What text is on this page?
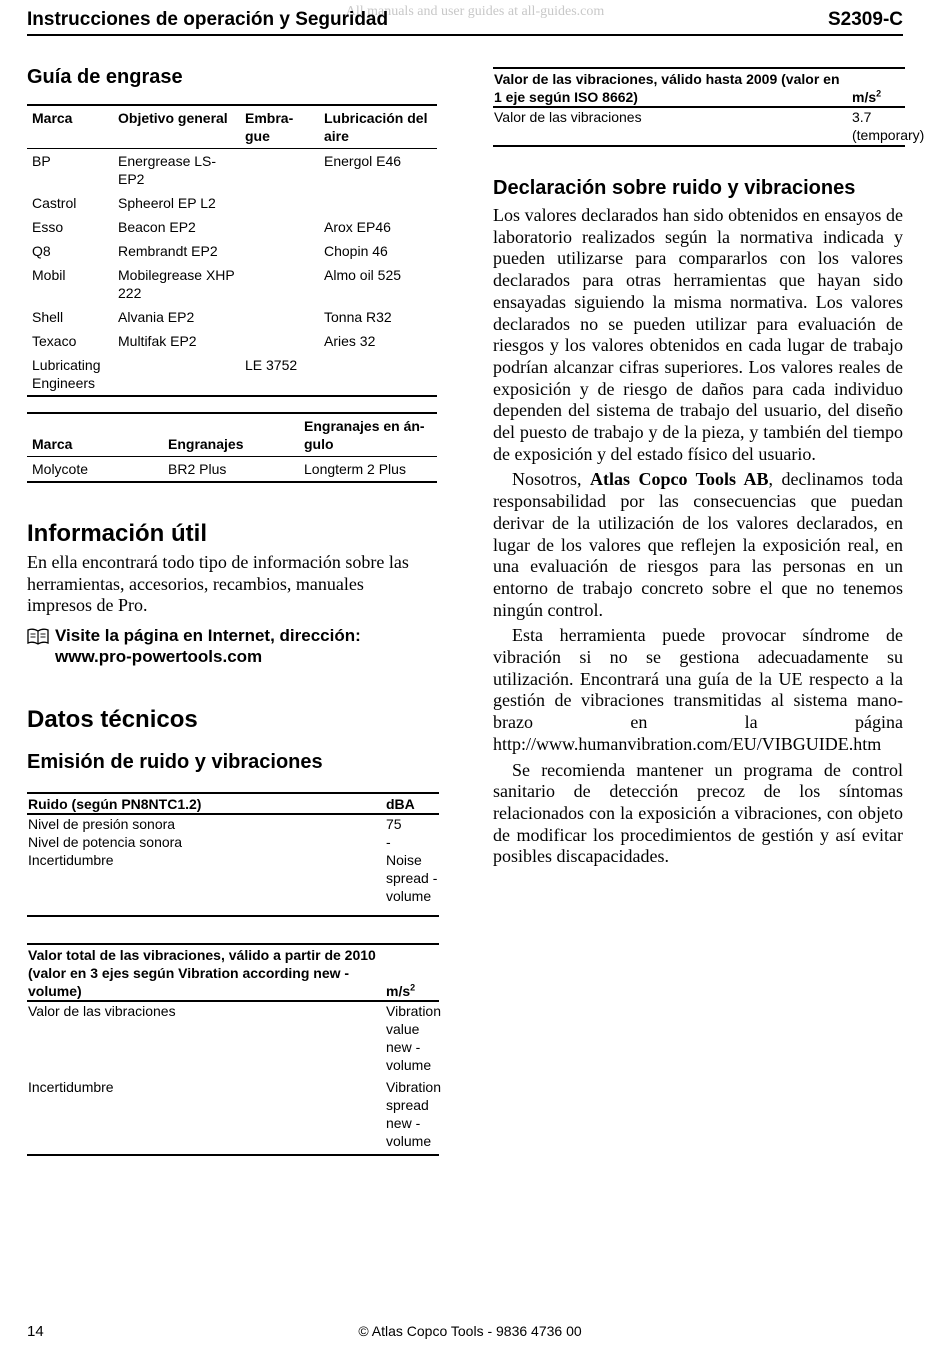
All manuals and user guides at all-guides.com
Instrucciones de operación y Seguridad	S2309-C
Guía de engrase
Marca	Objetivo general	Embra-gue	Lubricación del aire
BP	Energrease LS-EP2		Energol E46
Castrol	Spheerol EP L2		
Esso	Beacon EP2		Arox EP46
Q8	Rembrandt EP2		Chopin 46
Mobil	Mobilegrease XHP 222		Almo oil 525
Shell	Alvania EP2		Tonna R32
Texaco	Multifak EP2		Aries 32
Lubricating Engineers		LE 3752	
Marca	Engranajes	Engranajes en án-gulo
Molycote	BR2 Plus	Longterm 2 Plus
Información útil
En ella encontrará todo tipo de información sobre las herramientas, accesorios, recambios, manuales impresos de Pro.
Visite la página en Internet, dirección:
www.pro-powertools.com
Datos técnicos
Emisión de ruido y vibraciones
Ruido (según PN8NTC1.2)	dBA
Nivel de presión sonora	75
Nivel de potencia sonora	-
Incertidumbre	Noise spread - volume
Valor total de las vibraciones, válido a partir de 2010 (valor en 3 ejes según Vibration according new - volume)	$m/s^2$
Valor de las vibraciones	Vibration value new - volume
Incertidumbre	Vibration spread new - volume
Valor de las vibraciones, válido hasta 2009 (valor en 1 eje según ISO 8662)	$m/s^2$
Valor de las vibraciones	3.7 (temporary)
Declaración sobre ruido y vibraciones

Los valores declarados han sido obtenidos en ensayos de laboratorio realizados según la normativa indicada y pueden utilizarse para compararlos con los valores declarados para otras herramientas que hayan sido ensayadas siguiendo la misma normativa. Los valores declarados no se pueden utilizar para evaluación de riesgos y los valores obtenidos en cada lugar de trabajo podrían alcanzar cifras superiores. Los valores reales de exposición y de riesgo de daños para cada individuo dependen del sistema de trabajo del usuario, del diseño del puesto de trabajo y de la pieza, y también del tiempo de exposición y del estado físico del usuario.

Nosotros, Atlas Copco Tools AB, declinamos toda responsabilidad por las consecuencias que puedan derivar de la utilización de los valores declarados, en lugar de los valores que reflejen la exposición real, en una evaluación de riesgos para las personas en un entorno de trabajo concreto sobre el que no tenemos ningún control.

Esta herramienta puede provocar síndrome de vibración si no se gestiona adecuadamente su utilización. Encontrará una guía de la UE respecto a la gestión de vibraciones transmitidas al sistema mano-brazo en la página http://www.humanvibration.com/EU/VIBGUIDE.htm

Se recomienda mantener un programa de control sanitario de detección precoz de los síntomas relacionados con la exposición a vibraciones, con objeto de modificar los procedimientos de gestión y así evitar posibles discapacidades.

14	© Atlas Copco Tools - 9836 4736 00
